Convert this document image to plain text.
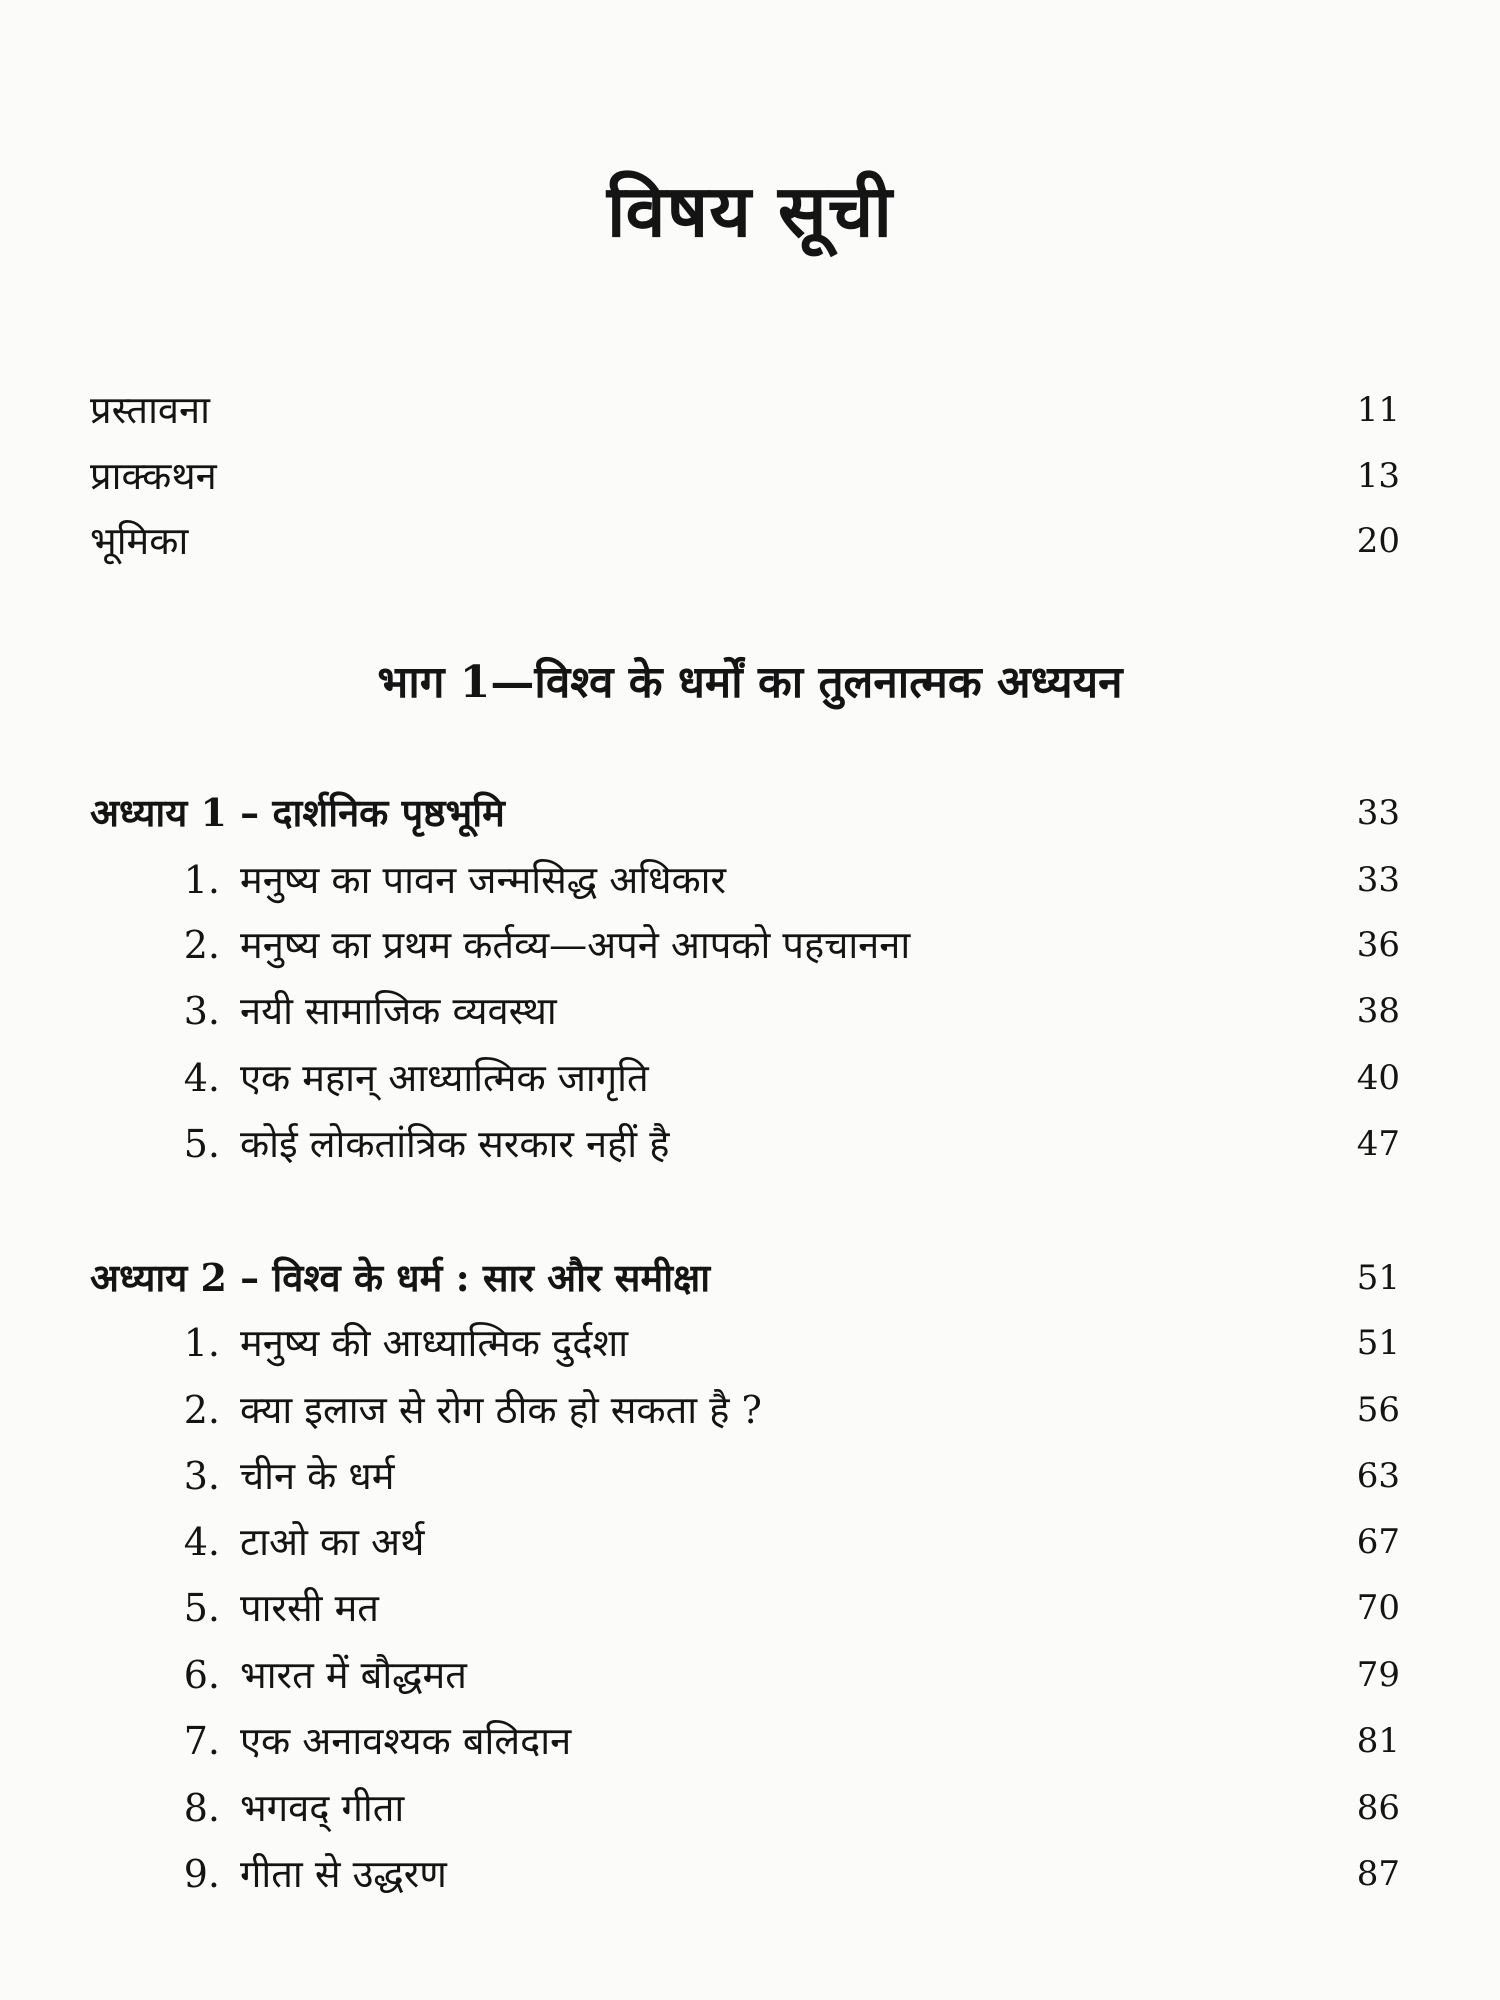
विषय सूची
प्रस्तावना	11
प्राक्कथन	13
भूमिका	20
भाग 1—विश्व के धर्मों का तुलनात्मक अध्ययन
अध्याय 1 – दार्शनिक पृष्ठभूमि	33
1. मनुष्य का पावन जन्मसिद्ध अधिकार	33
2. मनुष्य का प्रथम कर्तव्य—अपने आपको पहचानना	36
3. नयी सामाजिक व्यवस्था	38
4. एक महान् आध्यात्मिक जागृति	40
5. कोई लोकतांत्रिक सरकार नहीं है	47
अध्याय 2 – विश्व के धर्म : सार और समीक्षा	51
1. मनुष्य की आध्यात्मिक दुर्दशा	51
2. क्या इलाज से रोग ठीक हो सकता है ?	56
3. चीन के धर्म	63
4. टाओ का अर्थ	67
5. पारसी मत	70
6. भारत में बौद्धमत	79
7. एक अनावश्यक बलिदान	81
8. भगवद् गीता	86
9. गीता से उद्धरण	87
